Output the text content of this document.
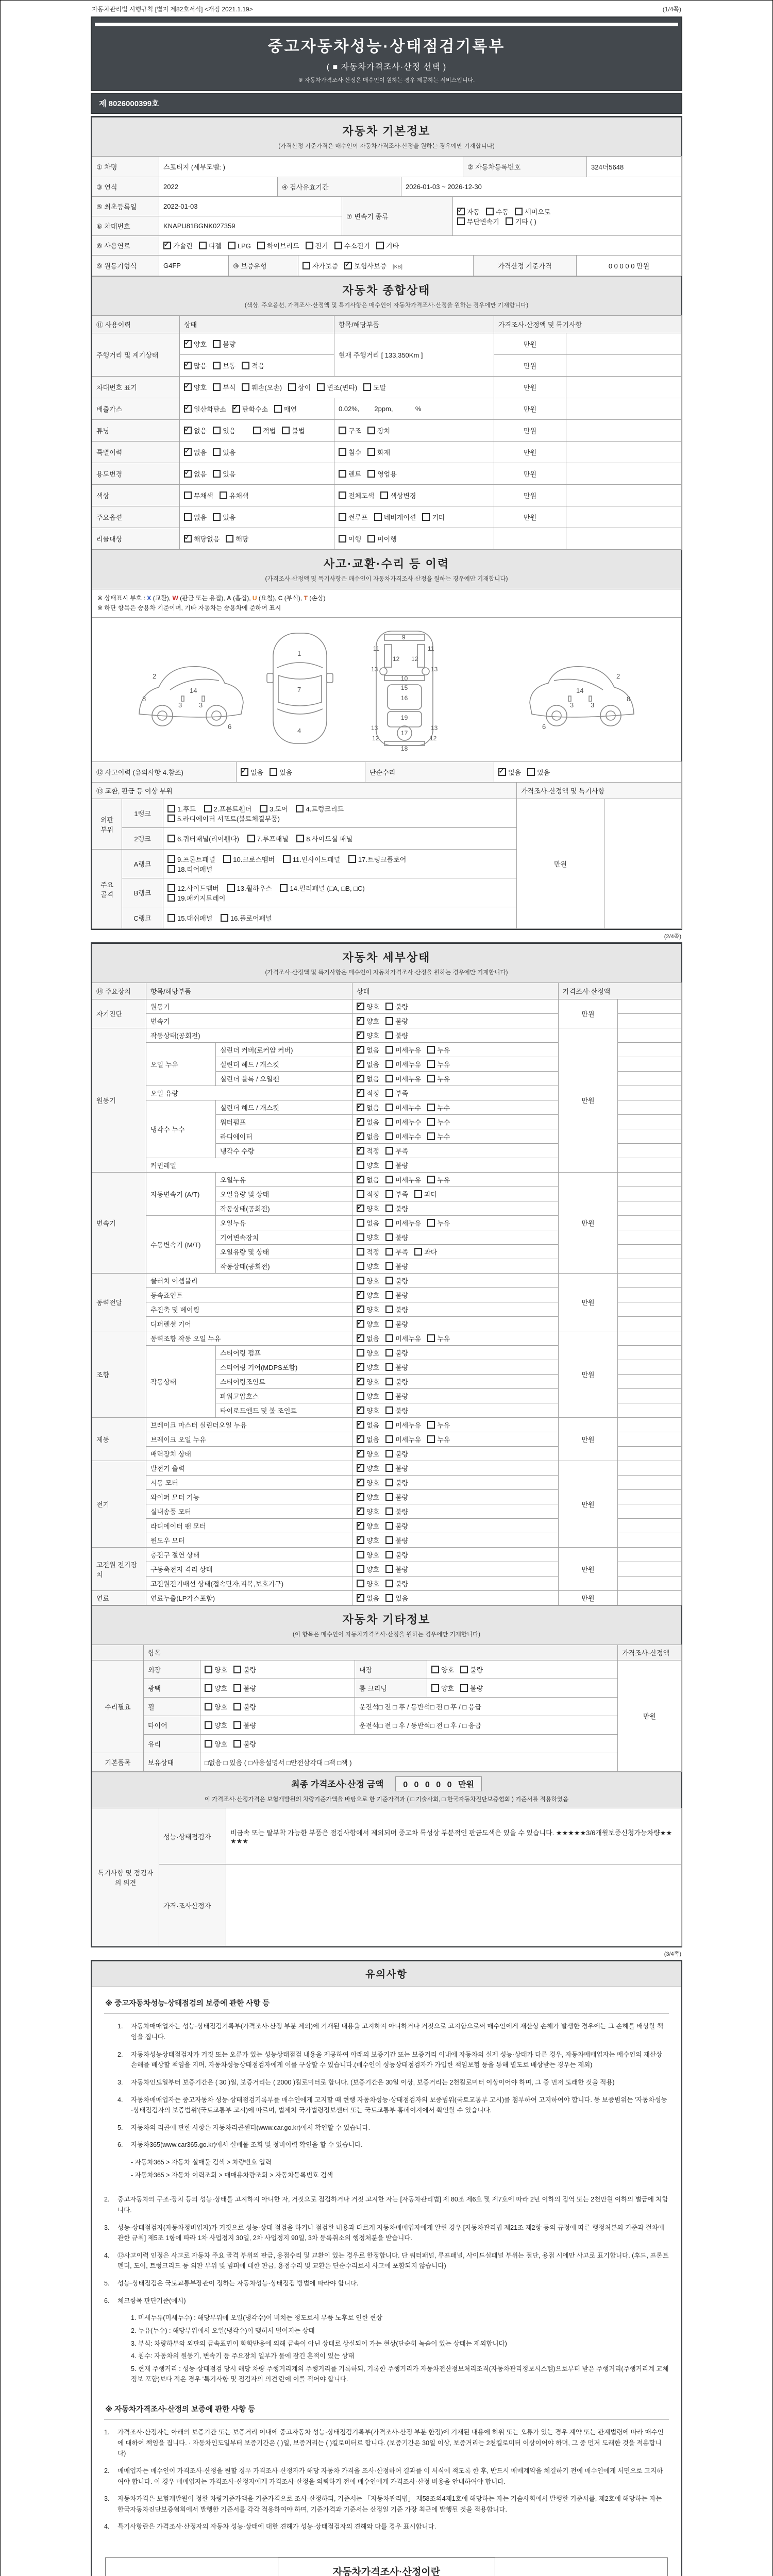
자동차관리법 시행규칙 [별지 제82호서식] <개정 2021.1.19>	(1/4쪽)
중고자동차성능·상태점검기록부
( ■ 자동차가격조사·산정 선택 )
※ 자동차가격조사·산정은 매수인이 원하는 경우 제공하는 서비스입니다.
제 8026000399호
자동차 기본정보
(가격산정 기준가격은 매수인이 자동차가격조사·산정을 원하는 경우에만 기재합니다)
① 차명	스포티지 (세부모델: )	② 자동차등록번호	324더5648
③ 연식	2022	④ 검사유효기간	2026-01-03 ~ 2026-12-30
⑤ 최초등록일	2022-01-03	⑦ 변속기 종류	✓자동 수동 세미오토
무단변속기 기타 ( )
⑥ 차대번호	KNAPU81BGNK027359		
⑧ 사용연료	✓가솔린 디젤 LPG 하이브리드 전기 수소전기 기타
⑨ 원동기형식	G4FP	⑩ 보증유형	자가보증 ✓ 보험사보증 [KB]	가격산정 기준가격	0 0 0 0 0 만원
자동차 종합상태
(색상, 주요옵션, 가격조사·산정액 및 특기사항은 매수인이 자동차가격조사·산정을 원하는 경우에만 기재합니다)
⑪ 사용이력	상태	항목/해당부품	가격조사·산정액 및 특기사항	
주행거리 및 계기상태	✓양호 불량	현재 주행거리 [ 133,350Km ]	만원	
✓많음 보통 적음		만원	
차대번호 표기	✓양호 부식 훼손(오손) 상이 변조(변타) 도말		만원	
배출가스	✓일산화탄소 ✓ 탄화수소 매연	0.02%,        2ppm,            %	만원	
튜닝	✓없음 있음 적법 불법	구조 장치	만원	
특별이력	✓없음 있음	침수 화재	만원	
용도변경	✓없음 있음	렌트 영업용	만원	
색상	무채색 유채색	전체도색 색상변경	만원	
주요옵션	없음 있음	썬루프 네비게이션 기타	만원	
리콜대상	✓해당없음 해당	이행 미이행		
사고·교환·수리 등 이력
(가격조사·산정액 및 특기사항은 매수인이 자동차가격조사·산정을 원하는 경우에만 기재합니다)
※ 상태표시 부호 : X (교환), W (판금 또는 용접), A (흠집), U (요철), C (부식), T (손상)
※ 하단 항목은 승용차 기준이며, 기타 자동차는 승용차에 준하여 표시
2
8
3	3
14
6
1
7
4
9
11	11
13	13
12 12
10
15
16
19
13	13
12	12
17
18
2
8
3
3
14
6
⑫ 사고이력 (유의사항 4.참조)	✓없음 있음	단순수리	✓없음 있음
⑬ 교환, 판금 등 이상 부위	가격조사·산정액 및 특기사항
외판 부위	1랭크	1.후드 2.프론트휀더 3.도어 4.트렁크리드
5.라디에이터 서포트(볼트체결부품)	만원	
	2랭크	6.쿼터패널(리어휀다) 7.루프패널 8.사이드실 패널		
주요 골격	A랭크	9.프론트패널 10.크로스멤버 11.인사이드패널 17.트렁크플로어
18.리어패널		
	B랭크	12.사이드멤버 13.휠하우스 14.필러패널 (□A, □B, □C)
19.패키지트레이		
	C랭크	15.대쉬패널 16.플로어패널		
(2/4쪽)
자동차 세부상태
(가격조사·산정액 및 특기사항은 매수인이 자동차가격조사·산정을 원하는 경우에만 기재합니다)
⑭ 주요장치	항목/해당부품		상태	가격조사·산정액	
자기진단	원동기	✓양호 불량	만원	
	변속기	✓양호 불량	
원동기	작동상태(공회전)	✓양호 불량	만원	
	오일 누유	실린더 커버(로커암 커버)	✓없음 미세누유 누유	
		실린더 헤드 / 개스킷	✓없음 미세누유 누유	
		실린더 블록 / 오일팬	✓없음 미세누유 누유	
	오일 유량	✓적정 부족	
	냉각수 누수	실린더 헤드 / 개스킷	✓없음 미세누수 누수	
		워터펌프	✓없음 미세누수 누수	
		라디에이터	✓없음 미세누수 누수	
		냉각수 수량	✓적정 부족	
	커먼레일		양호 불량		
변속기	자동변속기 (A/T)	오일누유	✓없음 미세누유 누유	만원	
		오일유량 및 상태	적정 부족 과다		
		작동상태(공회전)	✓양호 불량	
	수동변속기 (M/T)	오일누유	없음 미세누유 누유		
		기어변속장치	양호 불량		
		오일유량 및 상태	적정 부족 과다		
		작동상태(공회전)	양호 불량		
동력전달	클러치 어셈블리		양호 불량	만원	
	등속죠인트	✓양호 불량	
	추진축 및 베어링	✓양호 불량	
	디퍼렌셜 기어	✓양호 불량	
조향	동력조향 작동 오일 누유	✓없음 미세누유 누유	만원	
	작동상태	스티어링 펌프	양호 불량		
		스티어링 기어(MDPS포함)	✓양호 불량	
		스티어링조인트	✓양호 불량	
		파워고압호스	양호 불량		
		타이로드엔드 및 볼 조인트	✓양호 불량	
제동	브레이크 마스터 실린더오일 누유	✓없음 미세누유 누유	만원	
	브레이크 오일 누유	✓없음 미세누유 누유	
	배력장치 상태	✓양호 불량	
전기	발전기 출력	✓양호 불량	만원	
	시동 모터	✓양호 불량	
	와이퍼 모터 기능	✓양호 불량	
	실내송풍 모터	✓양호 불량	
	라디에이터 팬 모터	✓양호 불량	
	윈도우 모터	✓양호 불량	
고전원 전기장치	충전구 절연 상태		양호 불량	만원	
	구동축전지 격리 상태		양호 불량		
	고전원전기배선 상태(접속단자,피복,보호기구)		양호 불량		
연료	연료누출(LP가스포함)	✓없음 있음	만원	
자동차 기타정보
(이 항목은 매수인이 자동차가격조사·산정을 원하는 경우에만 기재합니다)
	항목				가격조사·산정액
수리필요	외장	양호 불량	내장	양호 불량	만원
	광택	양호 불량	룸 크리닝	양호 불량	
	휠	양호 불량	운전석□ 전 □ 후 / 동반석□ 전 □ 후 / □ 응급		
	타이어	양호 불량	운전석□ 전 □ 후 / 동반석□ 전 □ 후 / □ 응급		
	유리	양호 불량			
기본품목	보유상태	□없음 □ 있음 ( □사용설명서 □안전삼각대 □잭 □잭 )			
최종 가격조사·산정 금액 0 0 0 0 0 만원
이 가격조사·산정가격은 보험개발원의 차량기준가액을 바탕으로 한 기준가격과 ( □ 기술사회, □ 한국자동차진단보증협회 ) 기준서를 적용하였음
특기사항 및 점검자의 의견	성능·상태점검자	비금속 또는 탈부착 가능한 부품은 점검사항에서 제외되며 중고차 특성상 부분적인 판금도색은 있을 수 있습니다. ★★★★★3/6개월보증신청가능차량★★★★★
	가격·조사산정자	
(3/4쪽)
유의사항
※ 중고자동차성능·상태점검의 보증에 관한 사항 등
1.	자동차매매업자는 성능·상태점검기록부(가격조사·산정 부분 제외)에 기재된 내용을 고지하지 아니하거나 거짓으로 고지함으로써 매수인에게 재산상 손해가 발생한 경우에는 그 손해를 배상할 책임을 집니다.
2.	자동차성능상태점검자가 거짓 또는 오류가 있는 성능상태점검 내용을 제공하여 아래의 보증기간 또는 보증거리 이내에 자동차의 실제 성능·상태가 다른 경우, 자동차매매업자는 매수인의 재산상 손해를 배상할 책임을 지며, 자동차성능상태점검자에게 이를 구상할 수 있습니다.(매수인이 성능상태점검자가 가입한 책임보험 등을 통해 별도로 배상받는 경우는 제외)
3.	자동차인도일부터 보증기간은 ( 30 )일, 보증거리는 ( 2000 )킬로미터로 합니다. (보증기간은 30일 이상, 보증거리는 2천킬로미터 이상이어야 하며, 그 중 먼저 도래한 것을 적용)
4.	자동차매매업자는 중고자동차 성능·상태점검기록부를 매수인에게 고지할 때 현행 자동차성능·상태점검자의 보증범위(국토교통부 고시)를 첨부하여 고지하여야 합니다. 동 보증범위는 '자동차성능·상태점검자의 보증범위'(국토교통부 고시)에 따르며, 법제처 국가법령정보센터 또는 국토교통부 홈페이지에서 확인할 수 있습니다.
5.	자동차의 리콜에 관한 사항은 자동차리콜센터(www.car.go.kr)에서 확인할 수 있습니다.
6.	자동차365(www.car365.go.kr)에서 실매물 조회 및 정비이력 확인을 할 수 있습니다.
- 자동차365 > 자동차 실매물 검색 > 차량번호 입력
- 자동차365 > 자동차 이력조회 > 매매용차량조회 > 자동차등록번호 검색
2.	중고자동차의 구조·장치 등의 성능·상태를 고지하지 아니한 자, 거짓으로 점검하거나 거짓 고지한 자는 [자동차관리법] 제 80조 제6호 및 제7호에 따라 2년 이하의 징역 또는 2천만원 이하의 벌금에 처합니다.
3.	성능·상태점검자(자동차정비업자)가 거짓으로 성능·상태 점검을 하거나 점검한 내용과 다르게 자동차매매업자에게 알린 경우 [자동차관리법 제21조 제2항 등의 규정에 따른 행정처분의 기준과 절차에 관한 규칙] 제5조 1항에 따라 1차 사업정지 30일, 2차 사업정지 90일, 3차 등록취소의 행정처분을 받습니다.
4.	⑫사고이력 인정은 사고로 자동차 주요 골격 부위의 판금, 용접수리 및 교환이 있는 경우로 한정합니다. 단 쿼터패널, 루프패널, 사이드실패널 부위는 절단, 용접 시에만 사고로 표기합니다. (후드, 프론트펜더, 도어, 트렁크리드 등 외판 부위 및 범퍼에 대한 판금, 용접수리 및 교환은 단순수리로서 사고에 포함되지 않습니다)
5.	성능·상태점검은 국토교통부장관이 정하는 자동차성능·상태점검 방법에 따라야 합니다.
6.	체크항목 판단기준(예시)
1. 미세누유(미세누수) : 해당부위에 오일(냉각수)이 비치는 정도로서 부품 노후로 인한 현상
2. 누유(누수) : 해당부위에서 오일(냉각수)이 맺혀서 떨어지는 상태
3. 부식: 차량하부와 외판의 금속표면이 화학반응에 의해 금속이 아닌 상태로 상실되어 가는 현상(단순히 녹슬어 있는 상태는 제외합니다)
4. 침수: 자동차의 원동기, 변속기 등 주요장치 일부가 물에 잠긴 흔적이 있는 상태
5. 현재 주행거리 : 성능·상태점검 당시 해당 차량 주행거리계의 주행거리를 기록하되, 기록한 주행거리가 자동차전산정보처리조직(자동차관리정보시스템)으로부터 받은 주행거리(주행거리계 교체 정보 포함)보다 적은 경우 '특기사항 및 점검자의 의견'란에 이를 적어야 합니다.
※ 자동차가격조사·산정의 보증에 관한 사항 등
1.	가격조사·산정자는 아래의 보증기간 또는 보증거리 이내에 중고자동차 성능·상태점검기록부(가격조사·산정 부분 한정)에 기재된 내용에 허위 또는 오류가 있는 경우 계약 또는 관계법령에 따라 매수인에 대하여 책임을 집니다. · 자동차인도일부터 보증기간은 ( )일, 보증거리는 ( )킬로미터로 합니다. (보증기간은 30일 이상, 보증거리는 2천킬로미터 이상이어야 하며, 그 중 먼저 도래한 것을 적용합니다)
2.	매매업자는 매수인이 가격조사·산정을 원할 경우 가격조사·산정자가 해당 자동차 가격을 조사·산정하여 결과를 이 서식에 적도록 한 후, 반드시 매매계약을 체결하기 전에 매수인에게 서면으로 고지하여야 합니다. 이 경우 매매업자는 가격조사·산정자에게 가격조사·산정을 의뢰하기 전에 매수인에게 가격조사·산정 비용을 안내하여야 합니다.
3.	자동차가격은 보험개발원이 정한 차량기준가액을 기준가격으로 조사·산정하되, 기준서는 「자동차관리법」 제58조의4제1호에 해당하는 자는 기술사회에서 발행한 기준서를, 제2호에 해당하는 자는 한국자동차진단보증협회에서 발행한 기준서를 각각 적용하여야 하며, 기준가격과 기준서는 산정일 기준 가장 최근에 발행된 것을 적용합니다.
4.	특기사항란은 가격조사·산정자의 자동차 성능·상태에 대한 견해가 성능·상태점검자의 견해와 다를 경우 표시합니다.
자동차가격조사·산정이란
